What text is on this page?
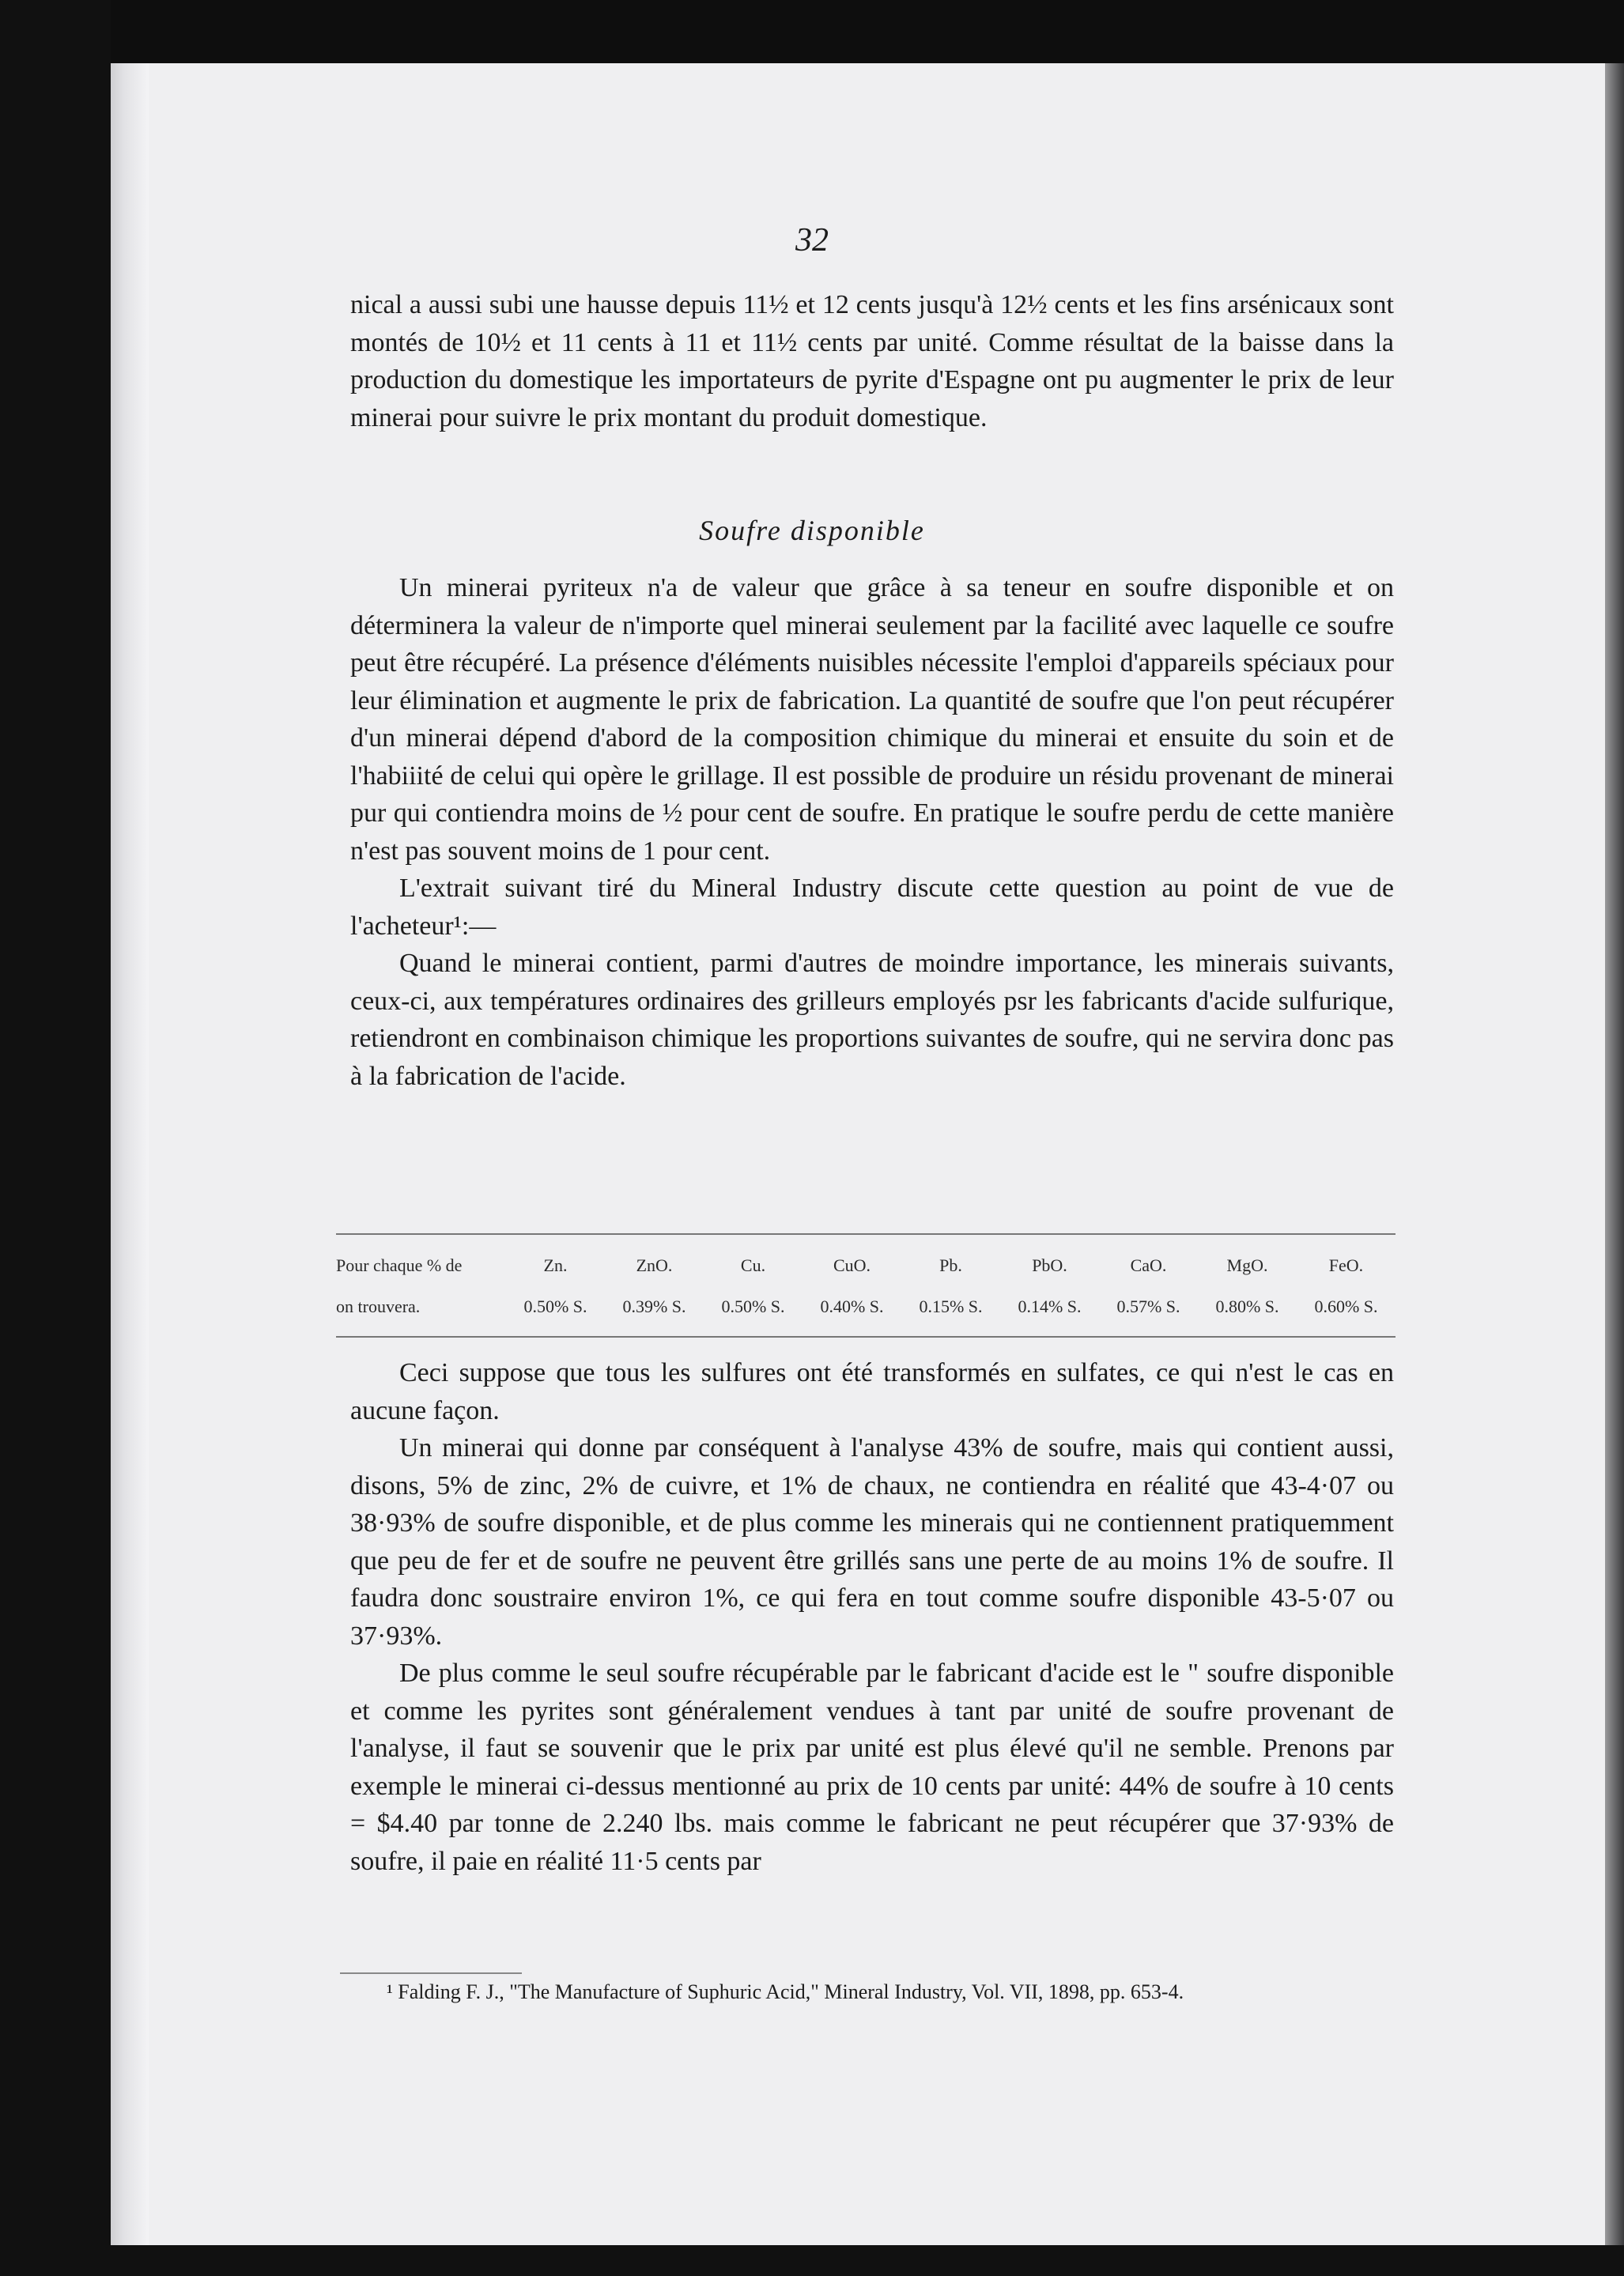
32

nical a aussi subi une hausse depuis 11½ et 12 cents jusqu'à 12½ cents et les fins arsénicaux sont montés de 10½ et 11 cents à 11 et 11½ cents par unité. Comme résultat de la baisse dans la production du domestique les importateurs de pyrite d'Espagne ont pu augmenter le prix de leur minerai pour suivre le prix montant du produit domestique.

Soufre disponible

Un minerai pyriteux n'a de valeur que grâce à sa teneur en soufre disponible et on déterminera la valeur de n'importe quel minerai seulement par la facilité avec laquelle ce soufre peut être récupéré. La présence d'éléments nuisibles nécessite l'emploi d'appareils spéciaux pour leur élimination et augmente le prix de fabrication. La quantité de soufre que l'on peut récupérer d'un minerai dépend d'abord de la composition chimique du minerai et ensuite du soin et de l'habiiité de celui qui opère le grillage. Il est possible de produire un résidu provenant de minerai pur qui contiendra moins de ½ pour cent de soufre. En pratique le soufre perdu de cette manière n'est pas souvent moins de 1 pour cent.

L'extrait suivant tiré du Mineral Industry discute cette question au point de vue de l'acheteur¹:—

Quand le minerai contient, parmi d'autres de moindre importance, les minerais suivants, ceux-ci, aux températures ordinaires des grilleurs employés psr les fabricants d'acide sulfurique, retiendront en combinaison chimique les proportions suivantes de soufre, qui ne servira donc pas à la fabrication de l'acide.

Pour chaque % de	Zn.	ZnO.	Cu.	CuO.	Pb.	PbO.	CaO.	MgO.	FeO.
on trouvera.	0.50% S.	0.39% S.	0.50% S.	0.40% S.	0.15% S.	0.14% S.	0.57% S.	0.80% S.	0.60% S.

Ceci suppose que tous les sulfures ont été transformés en sulfates, ce qui n'est le cas en aucune façon.

Un minerai qui donne par conséquent à l'analyse 43% de soufre, mais qui contient aussi, disons, 5% de zinc, 2% de cuivre, et 1% de chaux, ne contiendra en réalité que 43-4·07 ou 38·93% de soufre disponible, et de plus comme les minerais qui ne contiennent pratiquemment que peu de fer et de soufre ne peuvent être grillés sans une perte de au moins 1% de soufre. Il faudra donc soustraire environ 1%, ce qui fera en tout comme soufre disponible 43-5·07 ou 37·93%.

De plus comme le seul soufre récupérable par le fabricant d'acide est le " soufre disponible et comme les pyrites sont généralement vendues à tant par unité de soufre provenant de l'analyse, il faut se souvenir que le prix par unité est plus élevé qu'il ne semble. Prenons par exemple le minerai ci-dessus mentionné au prix de 10 cents par unité: 44% de soufre à 10 cents = $4.40 par tonne de 2.240 lbs. mais comme le fabricant ne peut récupérer que 37·93% de soufre, il paie en réalité 11·5 cents par

¹ Falding F. J., "The Manufacture of Suphuric Acid," Mineral Industry, Vol. VII, 1898, pp. 653-4.
